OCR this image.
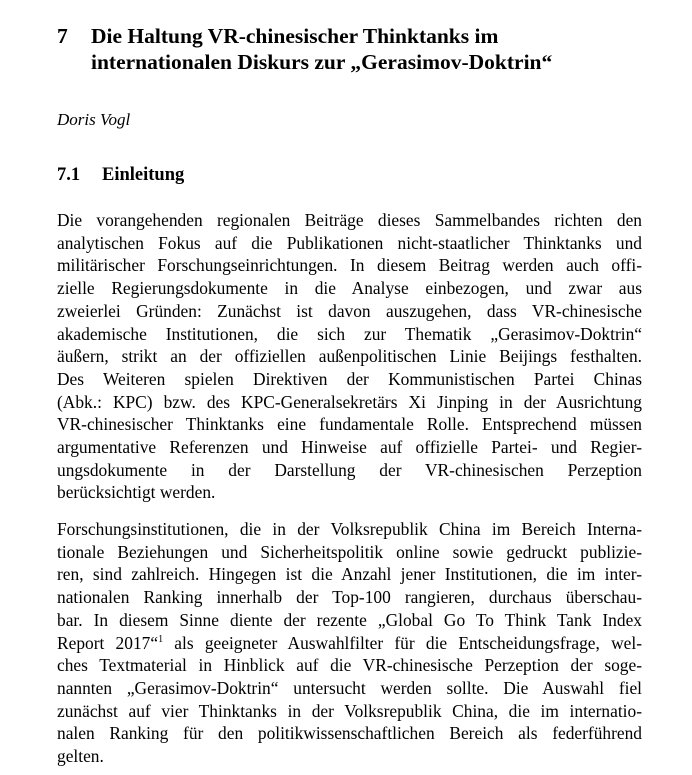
7 Die Haltung VR-chinesischer Thinktanks im
internationalen Diskurs zur „Gerasimov-Doktrin“
Doris Vogl
7.1 Einleitung

Die vorangehenden regionalen Beiträge dieses Sammelbandes richten den
analytischen Fokus auf die Publikationen nicht-staatlicher Thinktanks und
militärischer Forschungseinrichtungen. In diesem Beitrag werden auch offi-
zielle Regierungsdokumente in die Analyse einbezogen, und zwar aus
zweierlei Gründen: Zunächst ist davon auszugehen, dass VR-chinesische
akademische Institutionen, die sich zur Thematik „Gerasimov-Doktrin“
äußern, strikt an der offiziellen außenpolitischen Linie Beijings festhalten.
Des Weiteren spielen Direktiven der Kommunistischen Partei Chinas
(Abk.: KPC) bzw. des KPC-Generalsekretärs Xi Jinping in der Ausrichtung
VR-chinesischer Thinktanks eine fundamentale Rolle. Entsprechend müssen
argumentative Referenzen und Hinweise auf offizielle Partei- und Regier-
ungsdokumente in der Darstellung der VR-chinesischen Perzeption
berücksichtigt werden.

Forschungsinstitutionen, die in der Volksrepublik China im Bereich Interna-
tionale Beziehungen und Sicherheitspolitik online sowie gedruckt publizie-
ren, sind zahlreich. Hingegen ist die Anzahl jener Institutionen, die im inter-
nationalen Ranking innerhalb der Top-100 rangieren, durchaus überschau-
bar. In diesem Sinne diente der rezente „Global Go To Think Tank Index
Report 2017“$^1$ als geeigneter Auswahlfilter für die Entscheidungsfrage, wel-
ches Textmaterial in Hinblick auf die VR-chinesische Perzeption der soge-
nannten „Gerasimov-Doktrin“ untersucht werden sollte. Die Auswahl fiel
zunächst auf vier Thinktanks in der Volksrepublik China, die im internatio-
nalen Ranking für den politikwissenschaftlichen Bereich als federführend
gelten.
